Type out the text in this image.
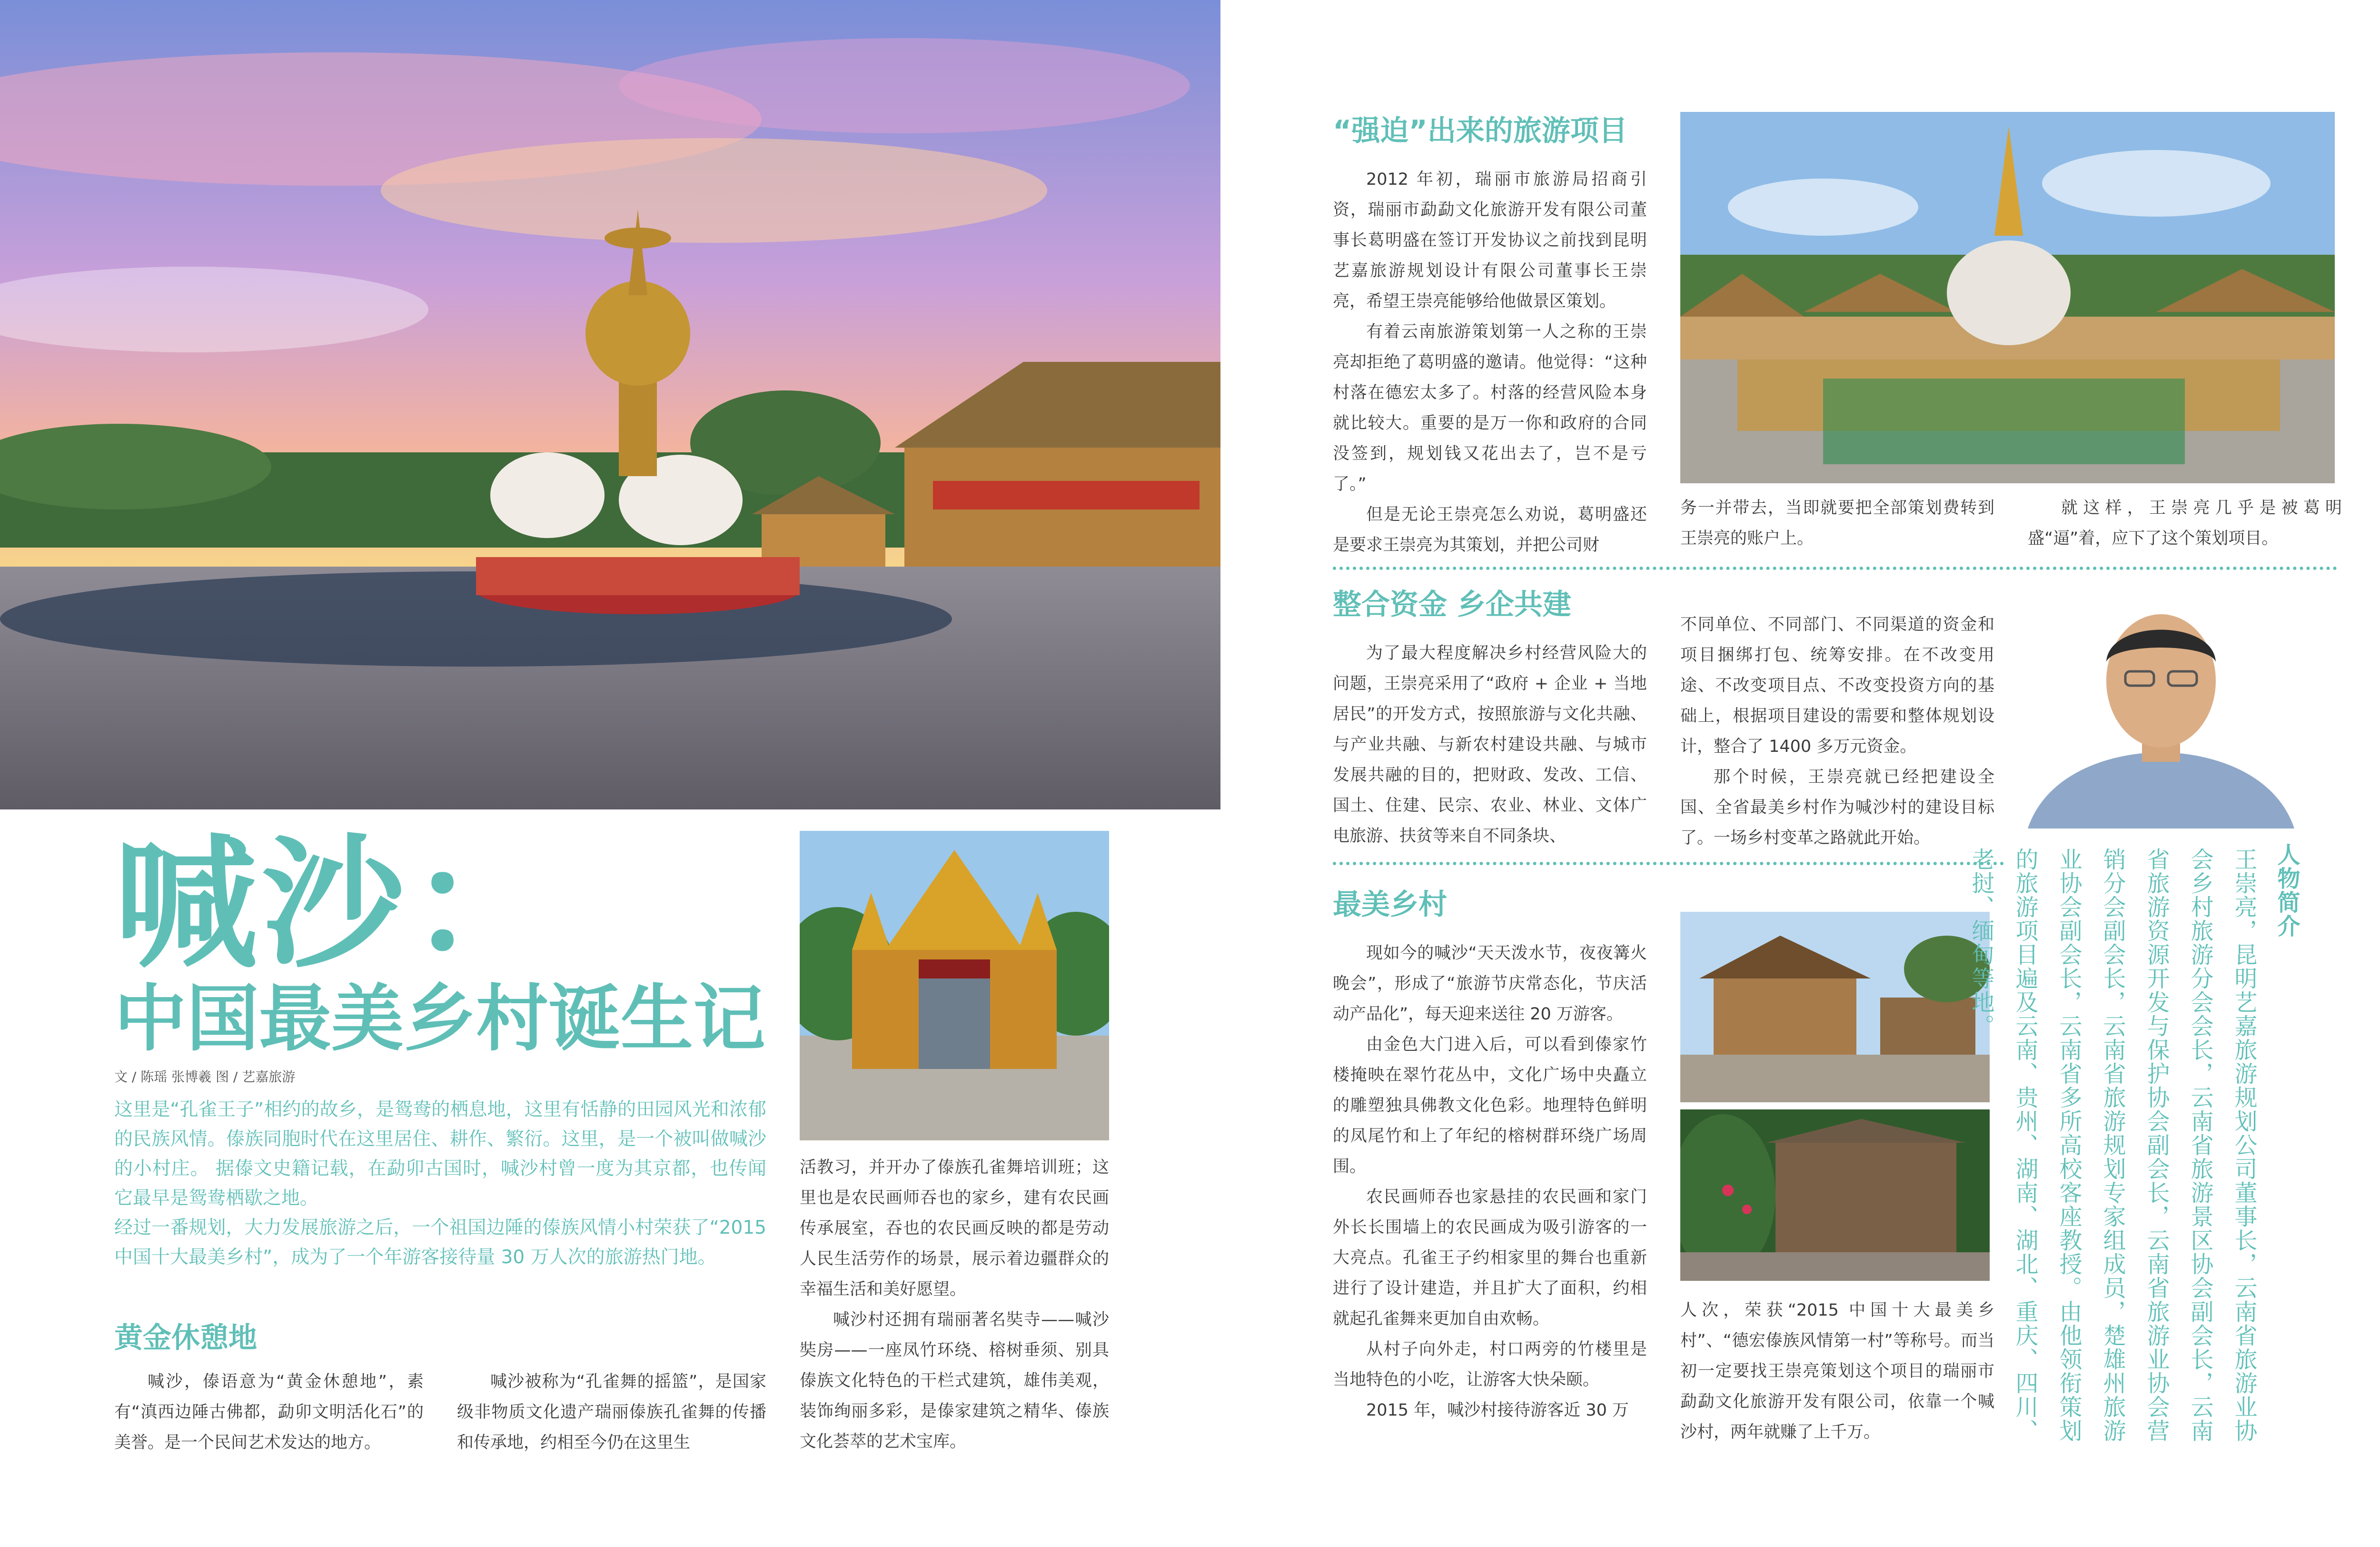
喊沙：
中国最美乡村诞生记
文 / 陈瑶 张博羲 图 / 艺嘉旅游

这里是“孔雀王子”相约的故乡，是鸳鸯的栖息地，这里有恬静的田园风光和浓郁的民族风情。傣族同胞时代在这里居住、耕作、繁衍。这里，是一个被叫做喊沙的小村庄。 据傣文史籍记载，在勐卯古国时，喊沙村曾一度为其京都，也传闻它最早是鸳鸯栖歇之地。

经过一番规划，大力发展旅游之后，一个祖国边陲的傣族风情小村荣获了“2015 中国十大最美乡村”，成为了一个年游客接待量 30 万人次的旅游热门地。

黄金休憩地

喊沙，傣语意为“黄金休憩地”，素有“滇西边陲古佛都，勐卯文明活化石”的美誉。是一个民间艺术发达的地方。

喊沙被称为“孔雀舞的摇篮”，是国家级非物质文化遗产瑞丽傣族孔雀舞的传播和传承地，约相至今仍在这里生

活教习，并开办了傣族孔雀舞培训班；这里也是农民画师吞也的家乡，建有农民画传承展室，吞也的农民画反映的都是劳动人民生活劳作的场景，展示着边疆群众的幸福生活和美好愿望。

喊沙村还拥有瑞丽著名奘寺——喊沙奘房——一座凤竹环绕、榕树垂须、别具傣族文化特色的干栏式建筑，雄伟美观，装饰绚丽多彩，是傣家建筑之精华、傣族文化荟萃的艺术宝库。

“强迫”出来的旅游项目

2012 年初，瑞丽市旅游局招商引资，瑞丽市勐勐文化旅游开发有限公司董事长葛明盛在签订开发协议之前找到昆明艺嘉旅游规划设计有限公司董事长王崇亮，希望王崇亮能够给他做景区策划。

有着云南旅游策划第一人之称的王崇亮却拒绝了葛明盛的邀请。他觉得：“这种村落在德宏太多了。村落的经营风险本身就比较大。重要的是万一你和政府的合同没签到，规划钱又花出去了，岂不是亏了。”

但是无论王崇亮怎么劝说，葛明盛还是要求王崇亮为其策划，并把公司财

务一并带去，当即就要把全部策划费转到王崇亮的账户上。

就这样，王崇亮几乎是被葛明盛“逼”着，应下了这个策划项目。

整合资金 乡企共建

为了最大程度解决乡村经营风险大的问题，王崇亮采用了“政府 + 企业 + 当地居民”的开发方式，按照旅游与文化共融、与产业共融、与新农村建设共融、与城市发展共融的目的，把财政、发改、工信、国土、住建、民宗、农业、林业、文体广电旅游、扶贫等来自不同条块、

不同单位、不同部门、不同渠道的资金和项目捆绑打包、统筹安排。在不改变用途、不改变项目点、不改变投资方向的基础上，根据项目建设的需要和整体规划设计，整合了 1400 多万元资金。

那个时候，王崇亮就已经把建设全国、全省最美乡村作为喊沙村的建设目标了。一场乡村变革之路就此开始。

最美乡村

现如今的喊沙“天天泼水节，夜夜篝火晚会”，形成了“旅游节庆常态化，节庆活动产品化”，每天迎来送往 20 万游客。

由金色大门进入后，可以看到傣家竹楼掩映在翠竹花丛中，文化广场中央矗立的雕塑独具佛教文化色彩。地理特色鲜明的凤尾竹和上了年纪的榕树群环绕广场周围。

农民画师吞也家悬挂的农民画和家门外长长围墙上的农民画成为吸引游客的一大亮点。孔雀王子约相家里的舞台也重新进行了设计建造，并且扩大了面积，约相就起孔雀舞来更加自由欢畅。

从村子向外走，村口两旁的竹楼里是当地特色的小吃，让游客大快朵颐。

2015 年，喊沙村接待游客近 30 万

人次，荣获“2015 中国十大最美乡村”、“德宏傣族风情第一村”等称号。而当初一定要找王崇亮策划这个项目的瑞丽市勐勐文化旅游开发有限公司，依靠一个喊沙村，两年就赚了上千万。

人物简介
王崇亮，昆明艺嘉旅游规划公司董事长，云南省旅游业协会乡村旅游分会会长，云南省旅游景区协会副会长，云南省旅游资源开发与保护协会副会长，云南省旅游业协会营销分会副会长，云南省旅游规划专家组成员，楚雄州旅游业协会副会长，云南省多所高校客座教授。由他领衔策划的旅游项目遍及云南、贵州、湖南、湖北、重庆、四川、老挝、缅甸等地。
